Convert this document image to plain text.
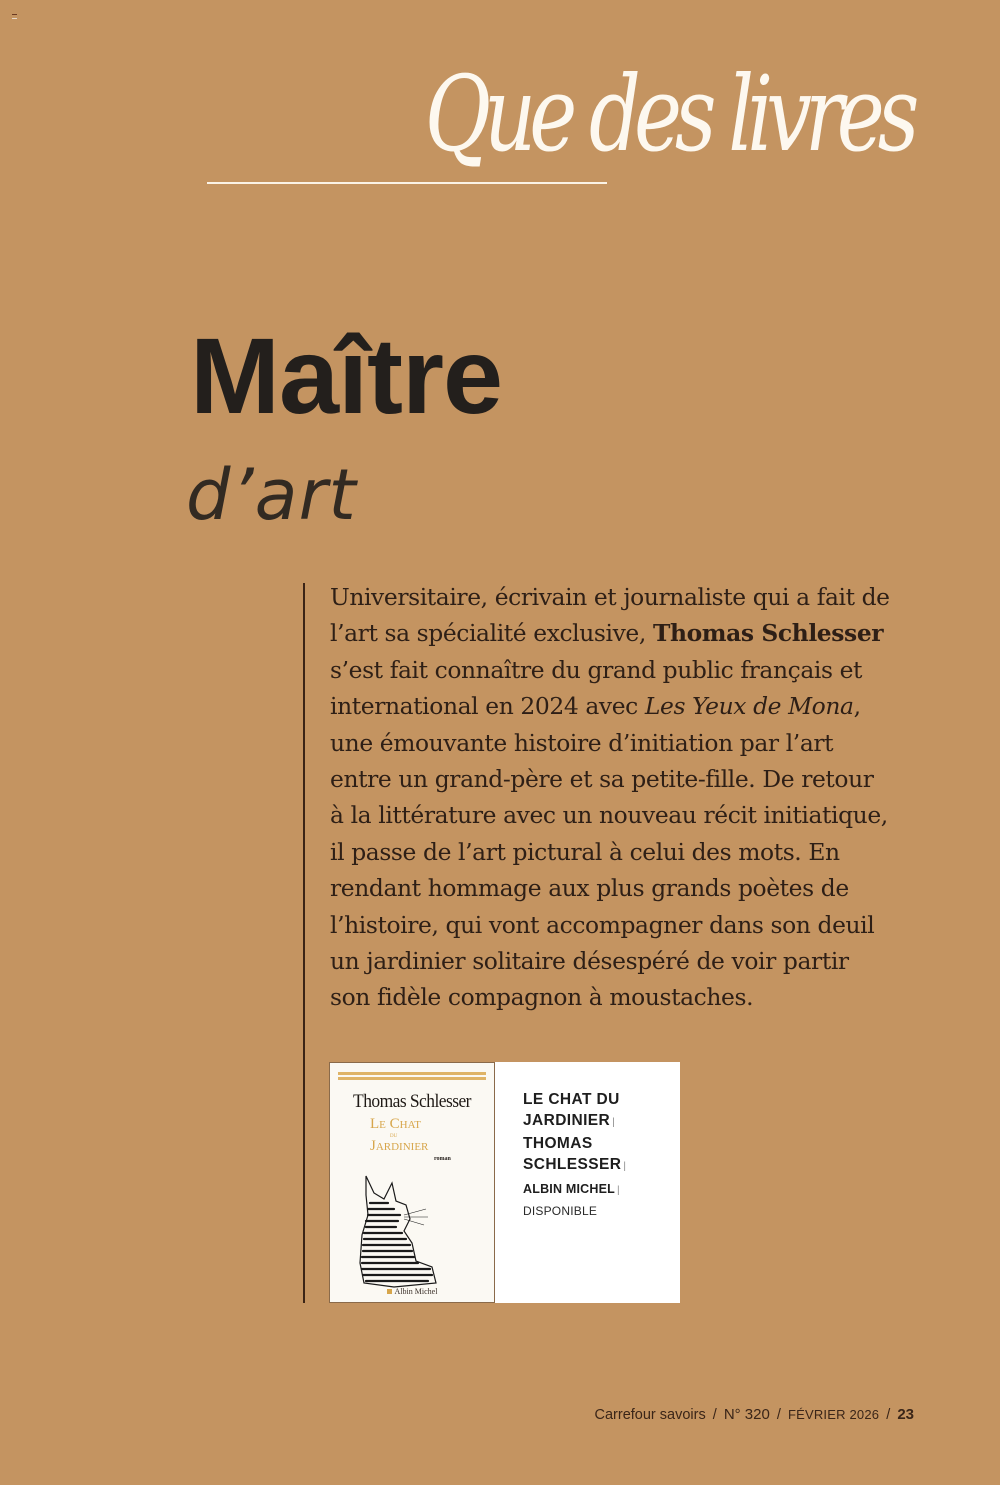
Que des livres
Maître
d’art

Universitaire, écrivain et journaliste qui a fait de
l’art sa spécialité exclusive, Thomas Schlesser
s’est fait connaître du grand public français et
international en 2024 avec Les Yeux de Mona,
une émouvante histoire d’initiation par l’art
entre un grand-père et sa petite-fille. De retour
à la littérature avec un nouveau récit initiatique,
il passe de l’art pictural à celui des mots. En
rendant hommage aux plus grands poètes de
l’histoire, qui vont accompagner dans son deuil
un jardinier solitaire désespéré de voir partir
son fidèle compagnon à moustaches.

Thomas Schlesser
Le Chat
du
Jardinier
roman
Albin Michel
LE CHAT DU
JARDINIER |
THOMAS
SCHLESSER |
ALBIN MICHEL |
DISPONIBLE
Carrefour savoirs / N° 320 / FÉVRIER 2026 / 23
